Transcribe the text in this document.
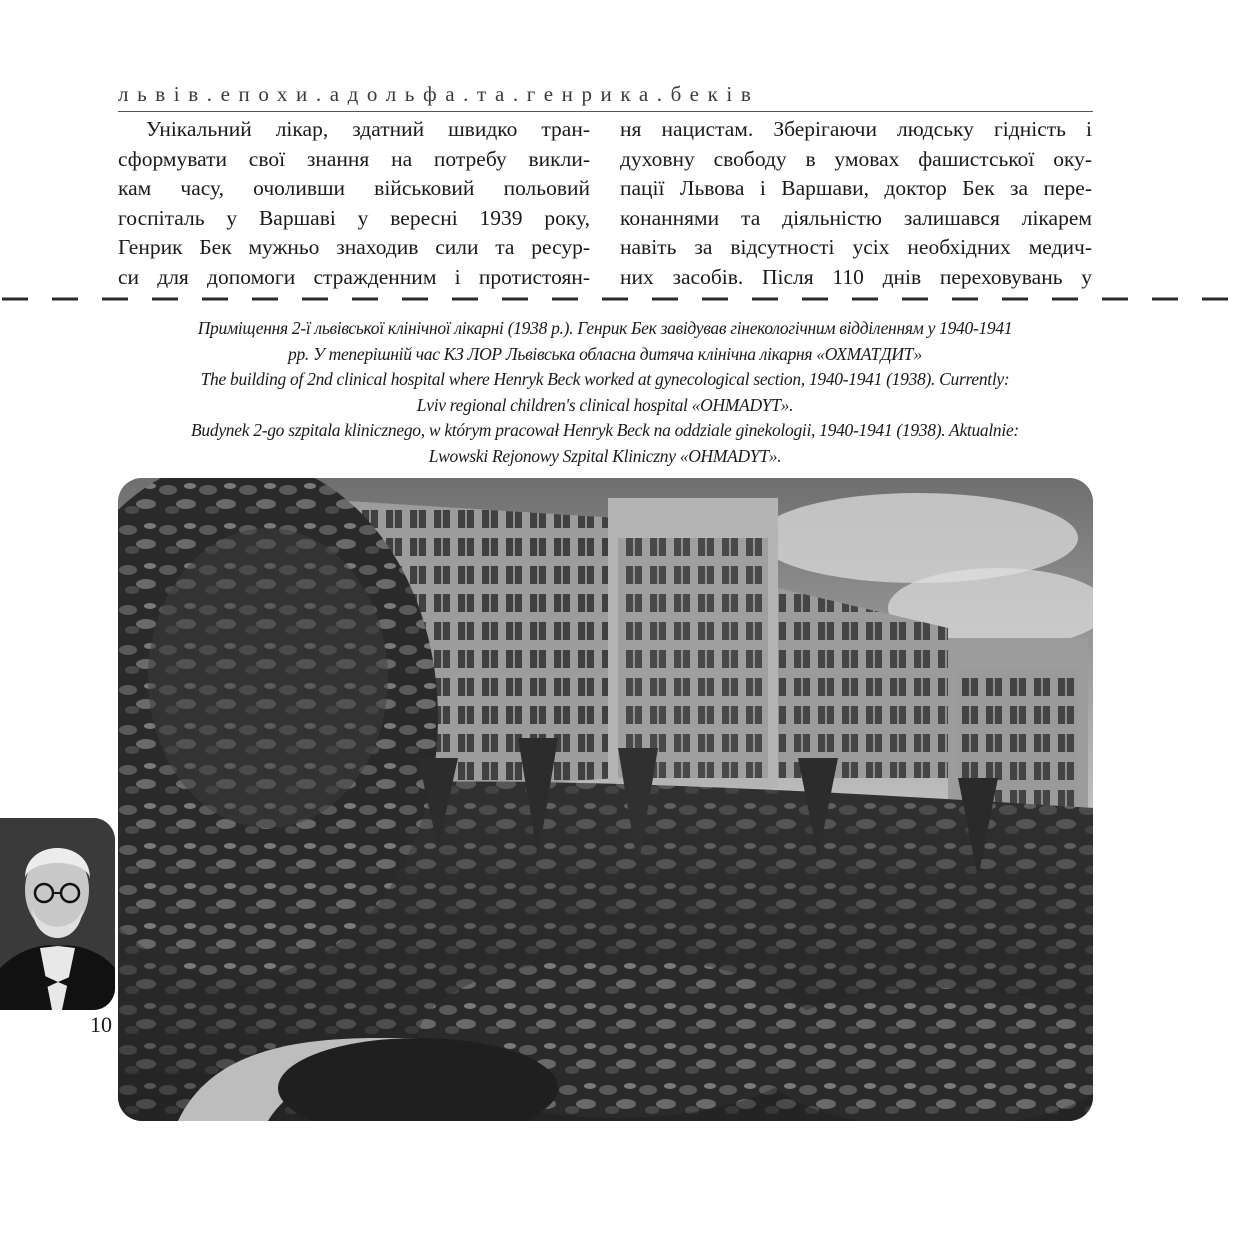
львів.епохи.адольфа.та.генрика.беків
Унікальний лікар, здатний швидко тран-
сформувати свої знання на потребу викли-
кам часу, очоливши військовий польовий
госпіталь у Варшаві у вересні 1939 року,
Генрик Бек мужньо знаходив сили та ресур-
си для допомоги стражденним і протистоян-
ня нацистам. Зберігаючи людську гідність і
духовну свободу в умовах фашистської оку-
пації Львова і Варшави, доктор Бек за пере-
конаннями та діяльністю залишався лікарем
навіть за відсутності усіх необхідних медич-
них засобів. Після 110 днів переховувань у
Приміщення 2-ї львівської клінічної лікарні (1938 р.). Генрик Бек завідував гінекологічним відділенням у 1940-1941
рр. У теперішній час КЗ ЛОР Львівська обласна дитяча клінічна лікарня «ОХМАТДИТ»
The building of 2nd clinical hospital where Henryk Beck worked at gynecological section, 1940-1941 (1938). Currently:
Lviv regional children's clinical hospital «OHMADYT».
Budynek 2-go szpitala klinicznego, w którym pracował Henryk Beck na oddziale ginekologii, 1940-1941 (1938). Aktualnie:
Lwowski Rejonowy Szpital Kliniczny «OHMADYT».
10
